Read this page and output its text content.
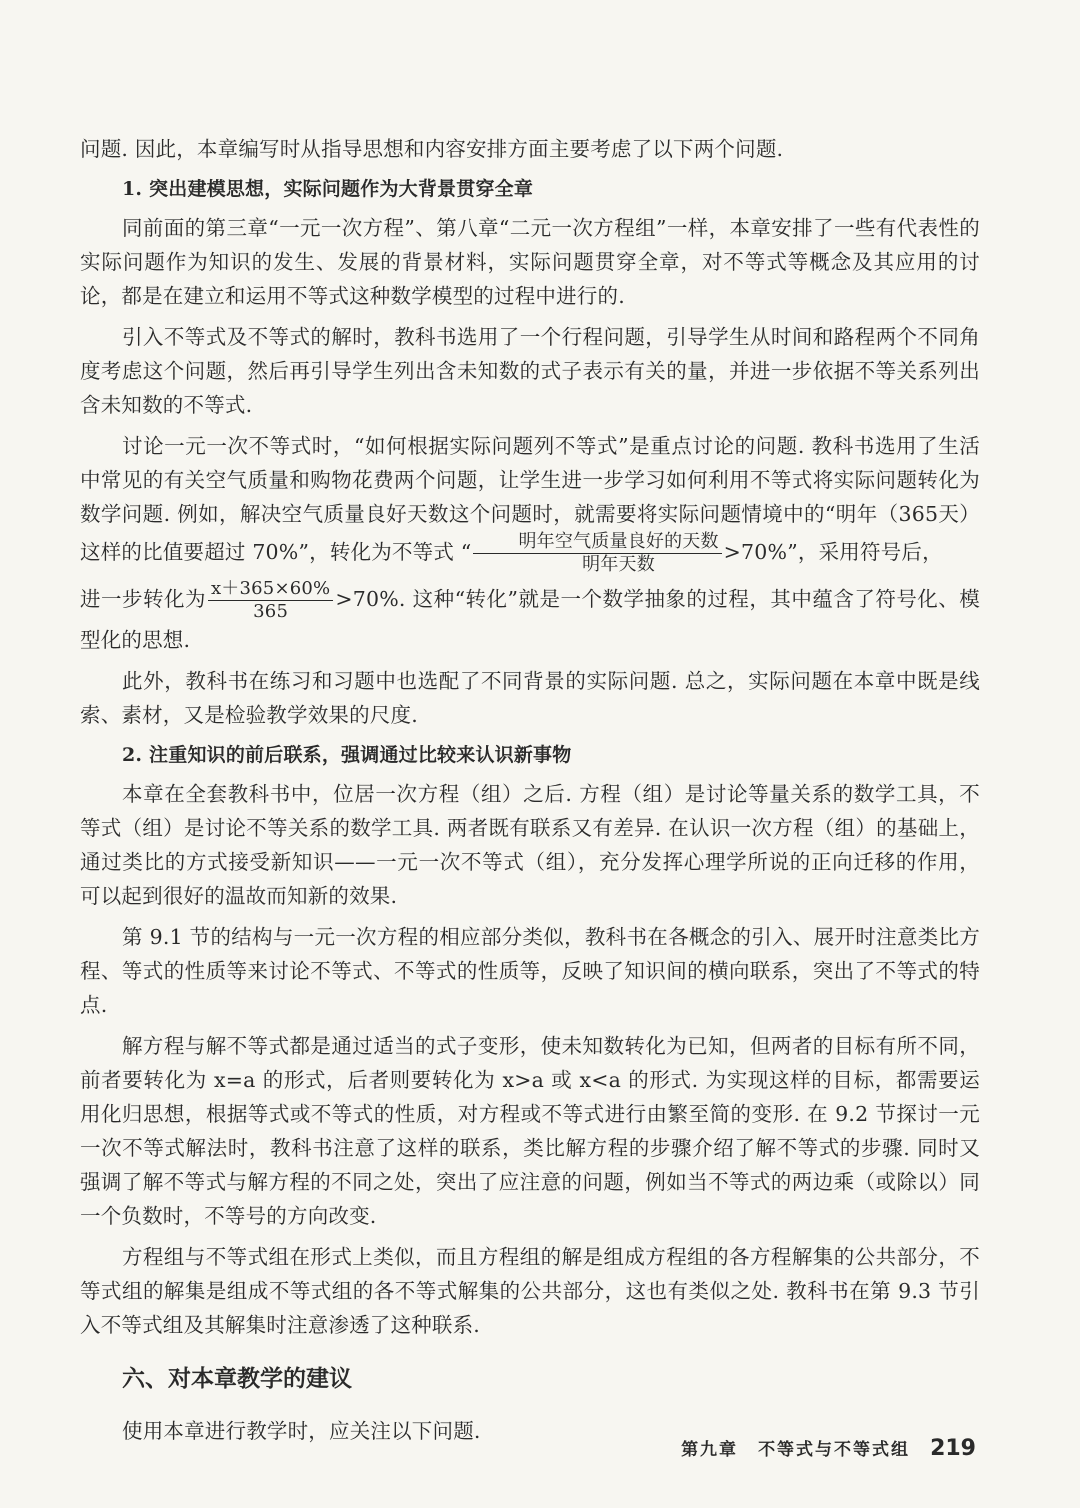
问题. 因此，本章编写时从指导思想和内容安排方面主要考虑了以下两个问题.

1. 突出建模思想，实际问题作为大背景贯穿全章

同前面的第三章“一元一次方程”、第八章“二元一次方程组”一样，本章安排了一些有代表性的实际问题作为知识的发生、发展的背景材料，实际问题贯穿全章，对不等式等概念及其应用的讨论，都是在建立和运用不等式这种数学模型的过程中进行的.

引入不等式及不等式的解时，教科书选用了一个行程问题，引导学生从时间和路程两个不同角度考虑这个问题，然后再引导学生列出含未知数的式子表示有关的量，并进一步依据不等关系列出含未知数的不等式.

讨论一元一次不等式时，“如何根据实际问题列不等式”是重点讨论的问题. 教科书选用了生活中常见的有关空气质量和购物花费两个问题，让学生进一步学习如何利用不等式将实际问题转化为数学问题. 例如，解决空气质量良好天数这个问题时，就需要将实际问题情境中的“明年（365天）这样的比值要超过 70%”，转化为不等式 “ $\frac{\text{明年空气质量良好的天数}}{\text{明年天数}} >70\%$”，采用符号后，

进一步转化为 $\frac{x+365\times 60\%}{365} >70\%$. 这种“转化”就是一个数学抽象的过程，其中蕴含了符号化、模型化的思想.

此外，教科书在练习和习题中也选配了不同背景的实际问题. 总之，实际问题在本章中既是线索、素材，又是检验教学效果的尺度.

2. 注重知识的前后联系，强调通过比较来认识新事物

本章在全套教科书中，位居一次方程（组）之后. 方程（组）是讨论等量关系的数学工具，不等式（组）是讨论不等关系的数学工具. 两者既有联系又有差异. 在认识一次方程（组）的基础上，通过类比的方式接受新知识——一元一次不等式（组），充分发挥心理学所说的正向迁移的作用，可以起到很好的温故而知新的效果.

第 9.1 节的结构与一元一次方程的相应部分类似，教科书在各概念的引入、展开时注意类比方程、等式的性质等来讨论不等式、不等式的性质等，反映了知识间的横向联系，突出了不等式的特点.

解方程与解不等式都是通过适当的式子变形，使未知数转化为已知，但两者的目标有所不同，前者要转化为 x=a 的形式，后者则要转化为 x>a 或 x<a 的形式. 为实现这样的目标，都需要运用化归思想，根据等式或不等式的性质，对方程或不等式进行由繁至简的变形. 在 9.2 节探讨一元一次不等式解法时，教科书注意了这样的联系，类比解方程的步骤介绍了解不等式的步骤. 同时又强调了解不等式与解方程的不同之处，突出了应注意的问题，例如当不等式的两边乘（或除以）同一个负数时，不等号的方向改变.

方程组与不等式组在形式上类似，而且方程组的解是组成方程组的各方程解集的公共部分，不等式组的解集是组成不等式组的各不等式解集的公共部分，这也有类似之处. 教科书在第 9.3 节引入不等式组及其解集时注意渗透了这种联系.

六、对本章教学的建议

使用本章进行教学时，应关注以下问题.

第九章 不等式与不等式组 219
